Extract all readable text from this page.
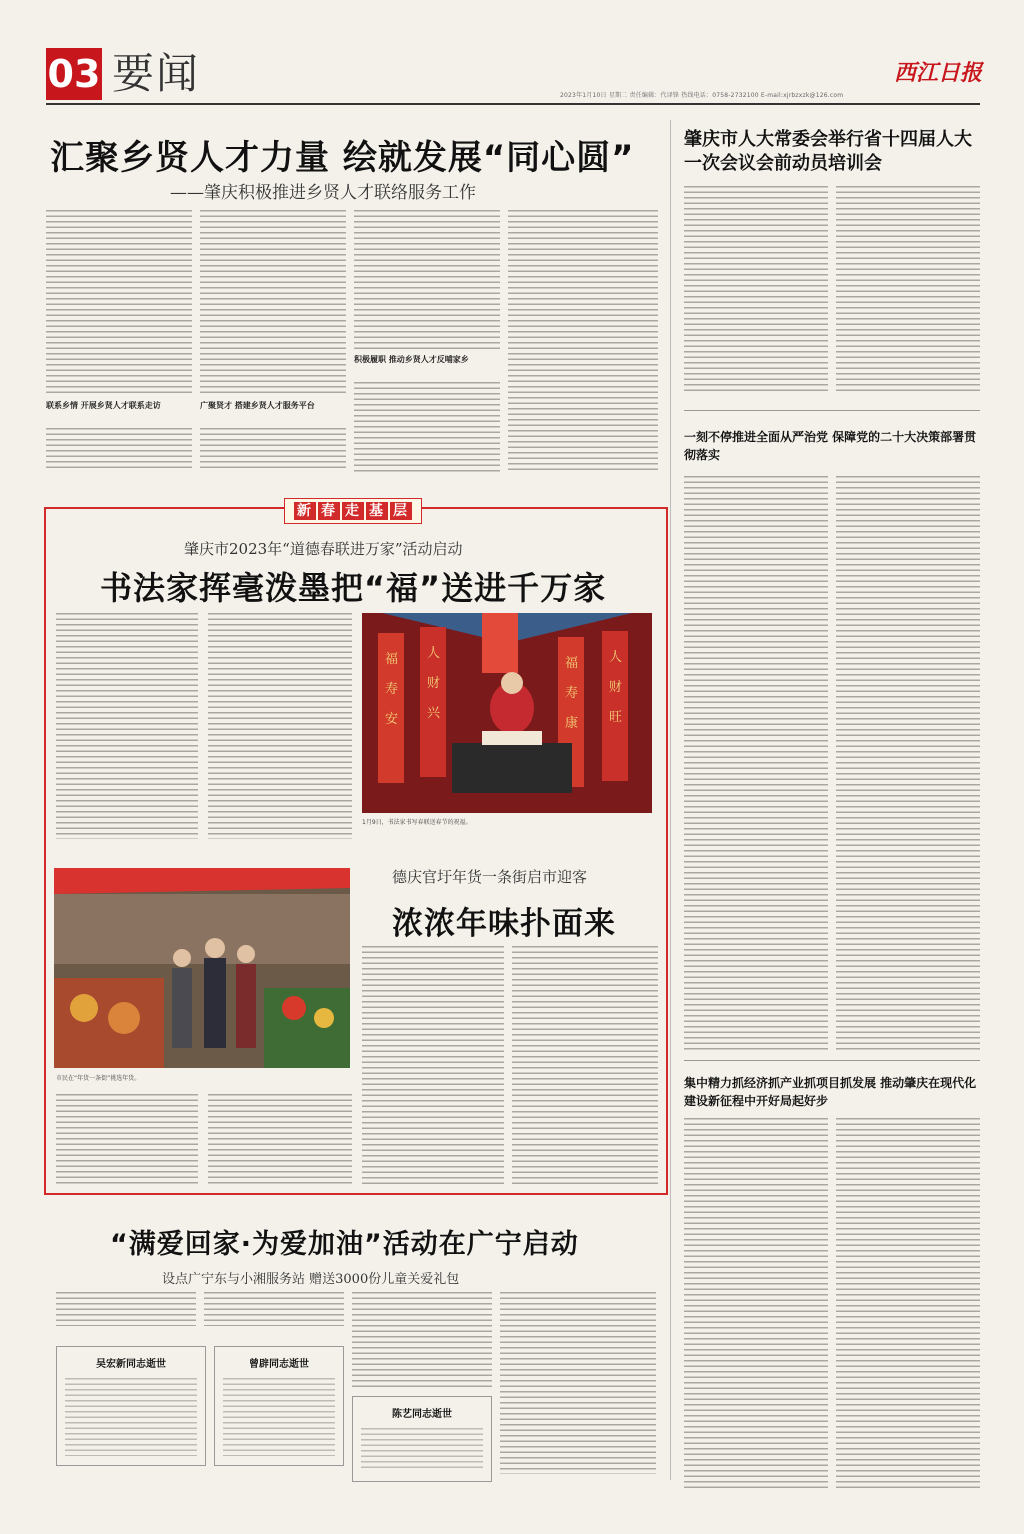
03 要闻	西江日报
2023年1月10日 星期二 责任编辑：代译锋 热线电话：0758-2732100 E-mail:xjrbzxzk@126.com
汇聚乡贤人才力量 绘就发展“同心圆”
——肇庆积极推进乡贤人才联络服务工作
联系乡情 开展乡贤人才联系走访	广聚贤才 搭建乡贤人才服务平台
积极履职 推动乡贤人才反哺家乡
肇庆市人大常委会举行省十四届人大一次会议会前动员培训会
一刻不停推进全面从严治党 保障党的二十大决策部署贯彻落实
集中精力抓经济抓产业抓项目抓发展 推动肇庆在现代化建设新征程中开好局起好步
新 春 走 基 层
肇庆市2023年“道德春联进万家”活动启动
书法家挥毫泼墨把“福”送进千万家
福
寿
安
人
财
兴
福
寿
康
人
财
旺
1月9日，书法家书写春联送春节的祝福。
市民在“年货一条街”挑选年货。
德庆官圩年货一条街启市迎客
浓浓年味扑面来
“满爱回家·为爱加油”活动在广宁启动
设点广宁东与小湘服务站 赠送3000份儿童关爱礼包
吴宏新同志逝世	曾辟同志逝世
陈艺同志逝世
